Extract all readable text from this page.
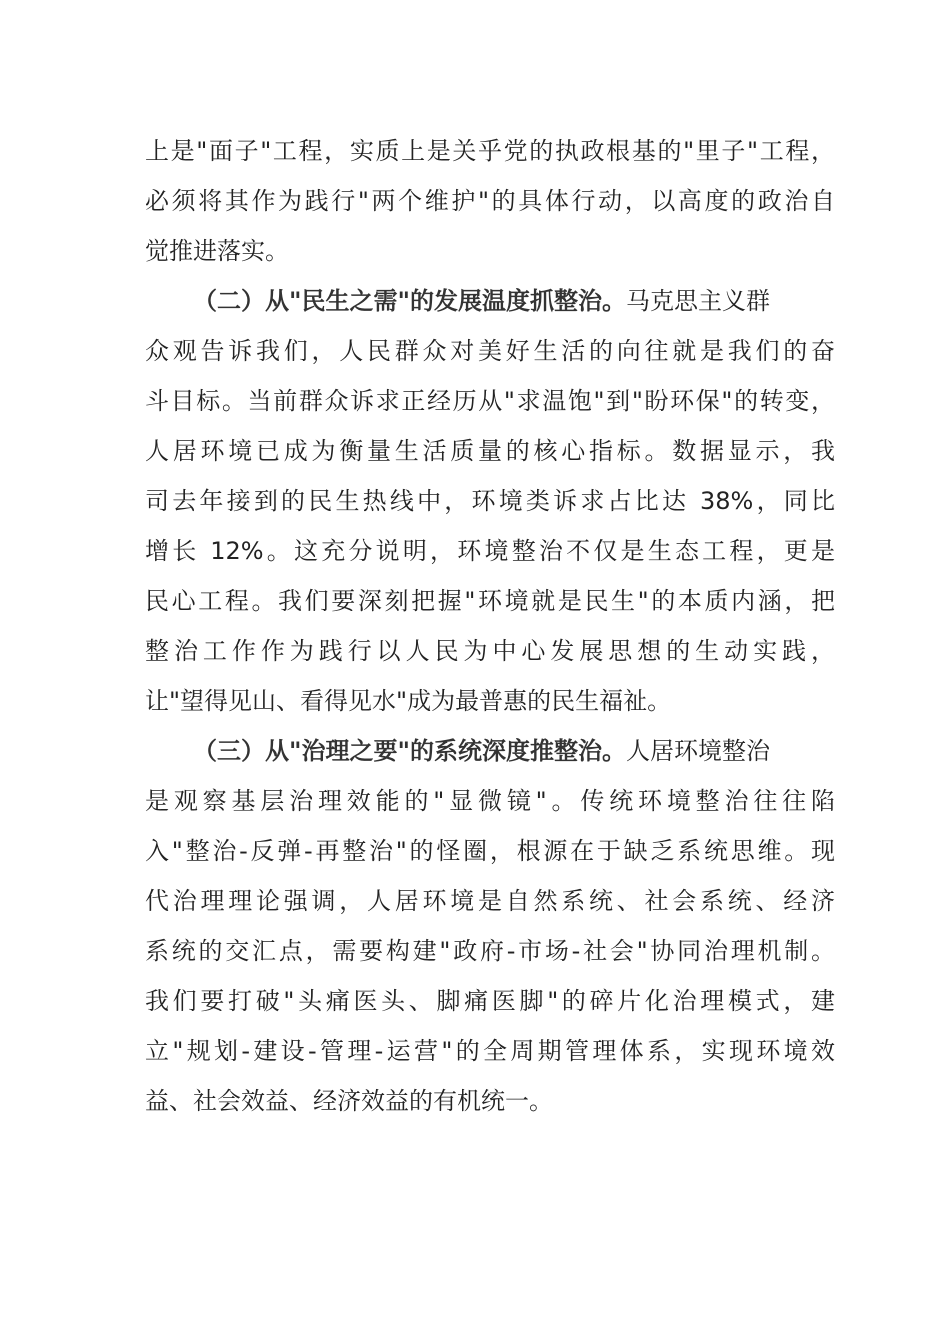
上是"面子"工程，实质上是关乎党的执政根基的"里子"工程，
必须将其作为践行"两个维护"的具体行动，以高度的政治自
觉推进落实。
（二）从"民生之需"的发展温度抓整治。马克思主义群
众观告诉我们，人民群众对美好生活的向往就是我们的奋
斗目标。当前群众诉求正经历从"求温饱"到"盼环保"的转变，
人居环境已成为衡量生活质量的核心指标。数据显示，我
司去年接到的民生热线中，环境类诉求占比达 38%，同比
增长 12%。这充分说明，环境整治不仅是生态工程，更是
民心工程。我们要深刻把握"环境就是民生"的本质内涵，把
整治工作作为践行以人民为中心发展思想的生动实践，
让"望得见山、看得见水"成为最普惠的民生福祉。
（三）从"治理之要"的系统深度推整治。人居环境整治
是观察基层治理效能的"显微镜"。传统环境整治往往陷
入"整治-反弹-再整治"的怪圈，根源在于缺乏系统思维。现
代治理理论强调，人居环境是自然系统、社会系统、经济
系统的交汇点，需要构建"政府-市场-社会"协同治理机制。
我们要打破"头痛医头、脚痛医脚"的碎片化治理模式，建
立"规划-建设-管理-运营"的全周期管理体系，实现环境效
益、社会效益、经济效益的有机统一。
